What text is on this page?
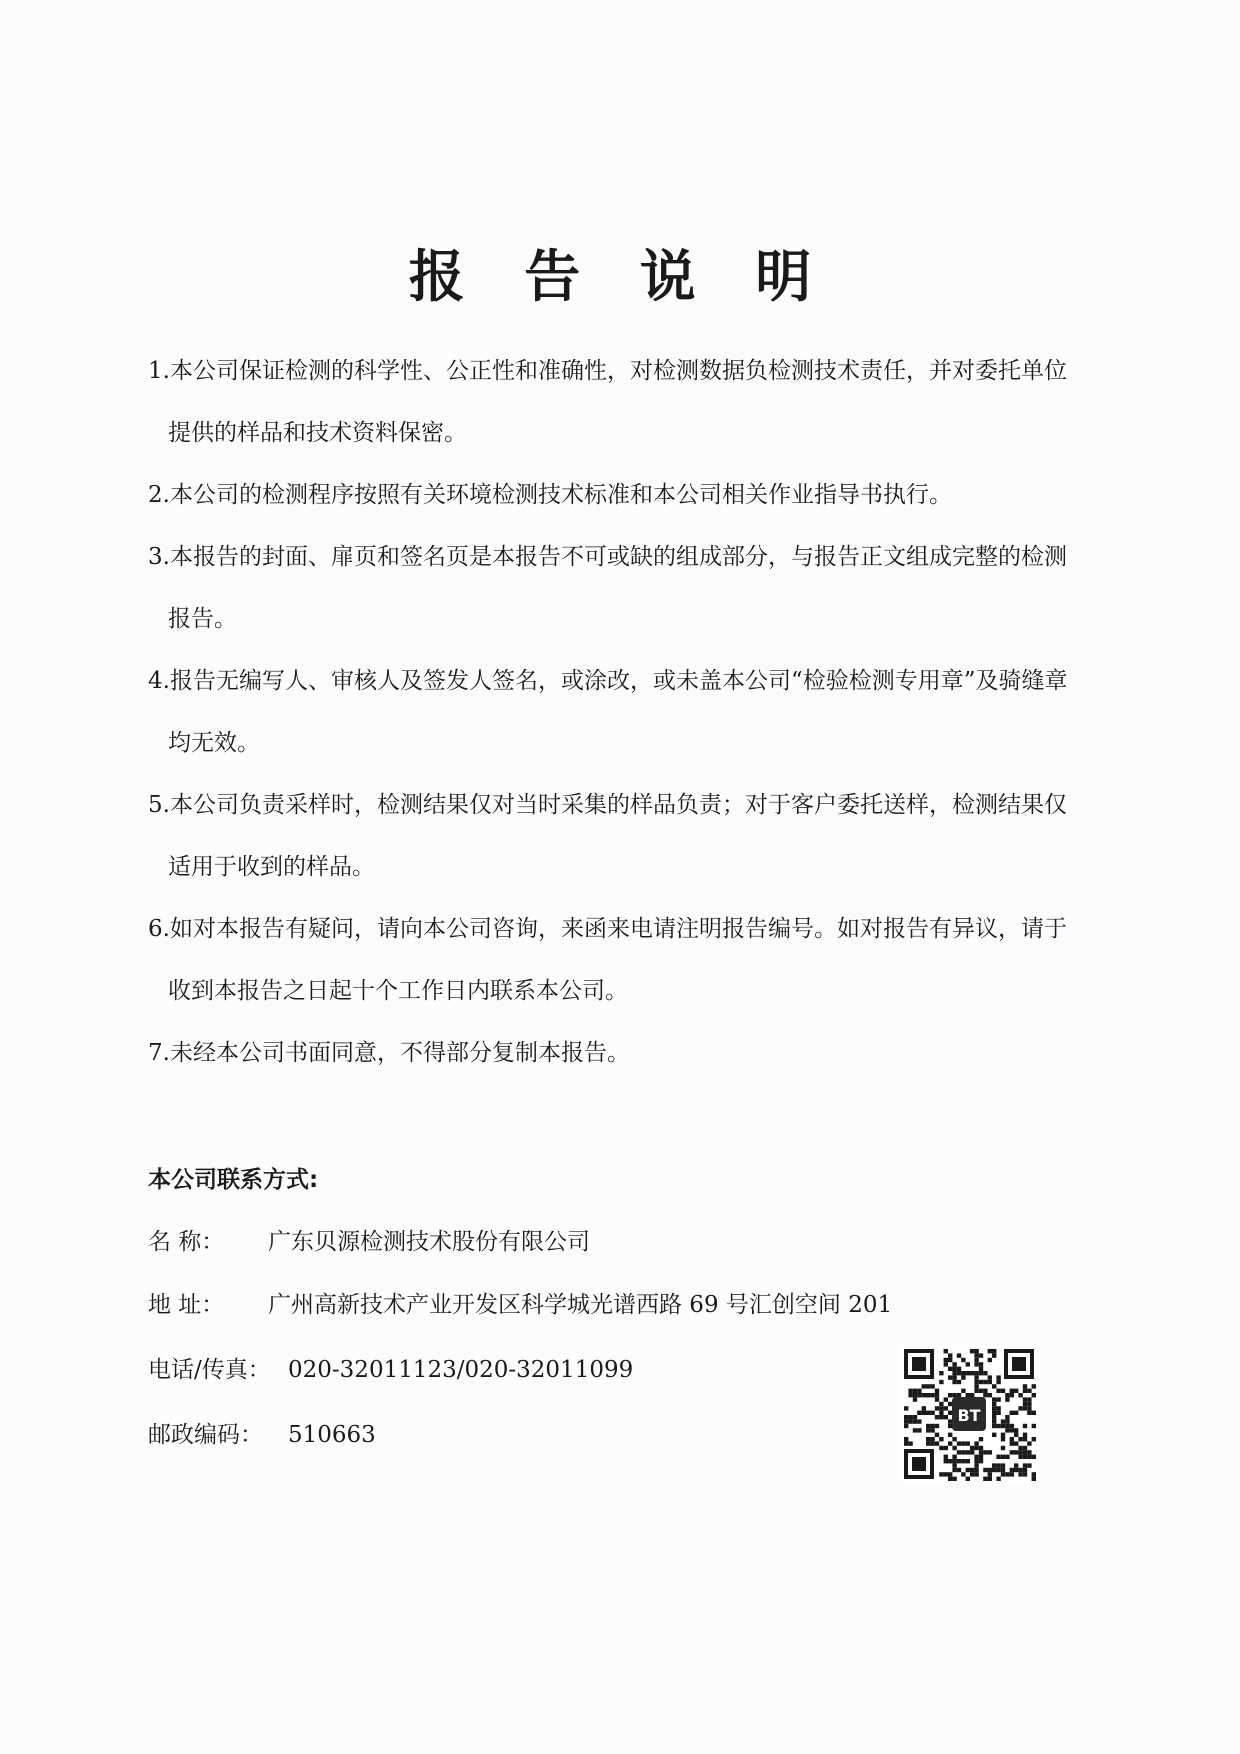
报 告 说 明
1.本公司保证检测的科学性、公正性和准确性，对检测数据负检测技术责任，并对委托单位提供的样品和技术资料保密。
2.本公司的检测程序按照有关环境检测技术标准和本公司相关作业指导书执行。
3.本报告的封面、扉页和签名页是本报告不可或缺的组成部分，与报告正文组成完整的检测报告。
4.报告无编写人、审核人及签发人签名，或涂改，或未盖本公司“检验检测专用章”及骑缝章均无效。
5.本公司负责采样时，检测结果仅对当时采集的样品负责；对于客户委托送样，检测结果仅适用于收到的样品。
6.如对本报告有疑问，请向本公司咨询，来函来电请注明报告编号。如对报告有异议，请于收到本报告之日起十个工作日内联系本公司。
7.未经本公司书面同意，不得部分复制本报告。
本公司联系方式:
名 称： 广东贝源检测技术股份有限公司
地 址： 广州高新技术产业开发区科学城光谱西路 69 号汇创空间 201
电话/传真： 020-32011123/020-32011099
邮政编码： 510663
BT
